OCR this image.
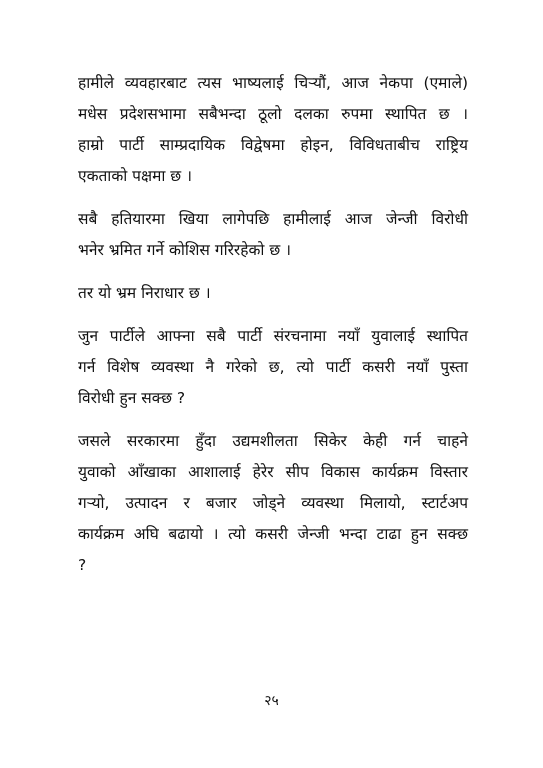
हामीले व्यवहारबाट त्यस भाष्यलाई चिऱ्यौं, आज नेकपा (एमाले)
मधेस प्रदेशसभामा सबैभन्दा ठूलो दलका रुपमा स्थापित छ ।
हाम्रो पार्टी साम्प्रदायिक विद्वेषमा होइन, विविधताबीच राष्ट्रिय
एकताको पक्षमा छ ।

सबै हतियारमा खिया लागेपछि हामीलाई आज जेन्जी विरोधी
भनेर भ्रमित गर्ने कोशिस गरिरहेको छ ।

तर यो भ्रम निराधार छ ।

जुन पार्टीले आफ्ना सबै पार्टी संरचनामा नयाँ युवालाई स्थापित
गर्न विशेष व्यवस्था नै गरेको छ, त्यो पार्टी कसरी नयाँ पुस्ता
विरोधी हुन सक्छ ?

जसले सरकारमा हुँदा उद्यमशीलता सिकेर केही गर्न चाहने
युवाको आँखाका आशालाई हेरेर सीप विकास कार्यक्रम विस्तार
गऱ्यो, उत्पादन र बजार जोड्ने व्यवस्था मिलायो, स्टार्टअप
कार्यक्रम अघि बढायो । त्यो कसरी जेन्जी भन्दा टाढा हुन सक्छ
?

२५
